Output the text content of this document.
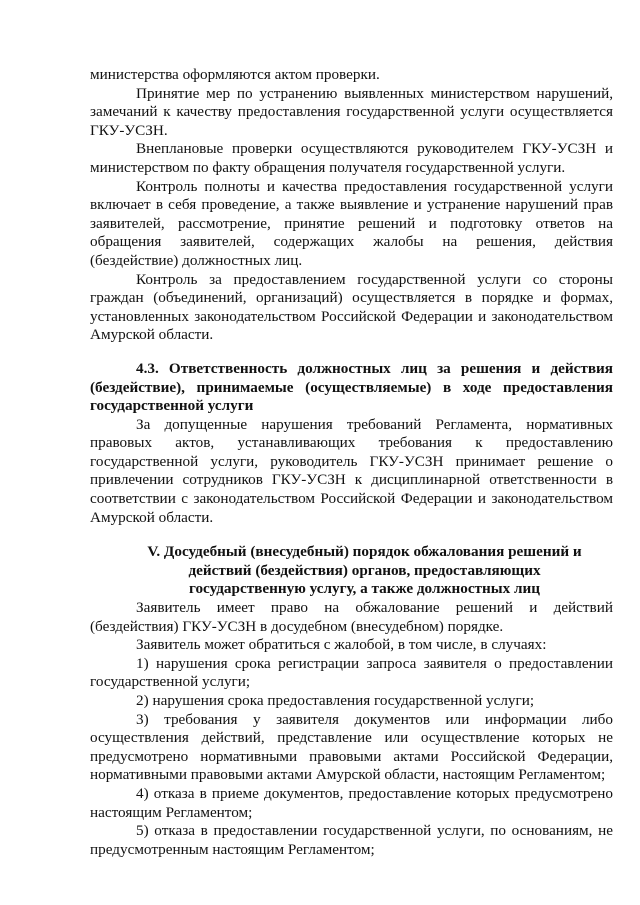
министерства оформляются актом проверки.

Принятие мер по устранению выявленных министерством нарушений, замечаний к качеству предоставления государственной услуги осуществляется ГКУ-УСЗН.

Внеплановые проверки осуществляются руководителем ГКУ-УСЗН и министерством по факту обращения получателя государственной услуги.

Контроль полноты и качества предоставления государственной услуги включает в себя проведение, а также выявление и устранение нарушений прав заявителей, рассмотрение, принятие решений и подготовку ответов на обращения заявителей, содержащих жалобы на решения, действия (бездействие) должностных лиц.

Контроль за предоставлением государственной услуги со стороны граждан (объединений, организаций) осуществляется в порядке и формах, установленных законодательством Российской Федерации и законодательством Амурской области.

4.3. Ответственность должностных лиц за решения и действия (бездействие), принимаемые (осуществляемые) в ходе предоставления государственной услуги

За допущенные нарушения требований Регламента, нормативных правовых актов, устанавливающих требования к предоставлению государственной услуги, руководитель ГКУ-УСЗН принимает решение о привлечении сотрудников ГКУ-УСЗН к дисциплинарной ответственности в соответствии с законодательством Российской Федерации и законодательством Амурской области.

V. Досудебный (внесудебный) порядок обжалования решений и действий (бездействия) органов, предоставляющих государственную услугу, а также должностных лиц

Заявитель имеет право на обжалование решений и действий (бездействия) ГКУ-УСЗН в досудебном (внесудебном) порядке.

Заявитель может обратиться с жалобой, в том числе, в случаях:

1) нарушения срока регистрации запроса заявителя о предоставлении государственной услуги;

2) нарушения срока предоставления государственной услуги;

3) требования у заявителя документов или информации либо осуществления действий, представление или осуществление которых не предусмотрено нормативными правовыми актами Российской Федерации, нормативными правовыми актами Амурской области, настоящим Регламентом;

4) отказа в приеме документов, предоставление которых предусмотрено настоящим Регламентом;

5) отказа в предоставлении государственной услуги, по основаниям, не предусмотренным настоящим Регламентом;
